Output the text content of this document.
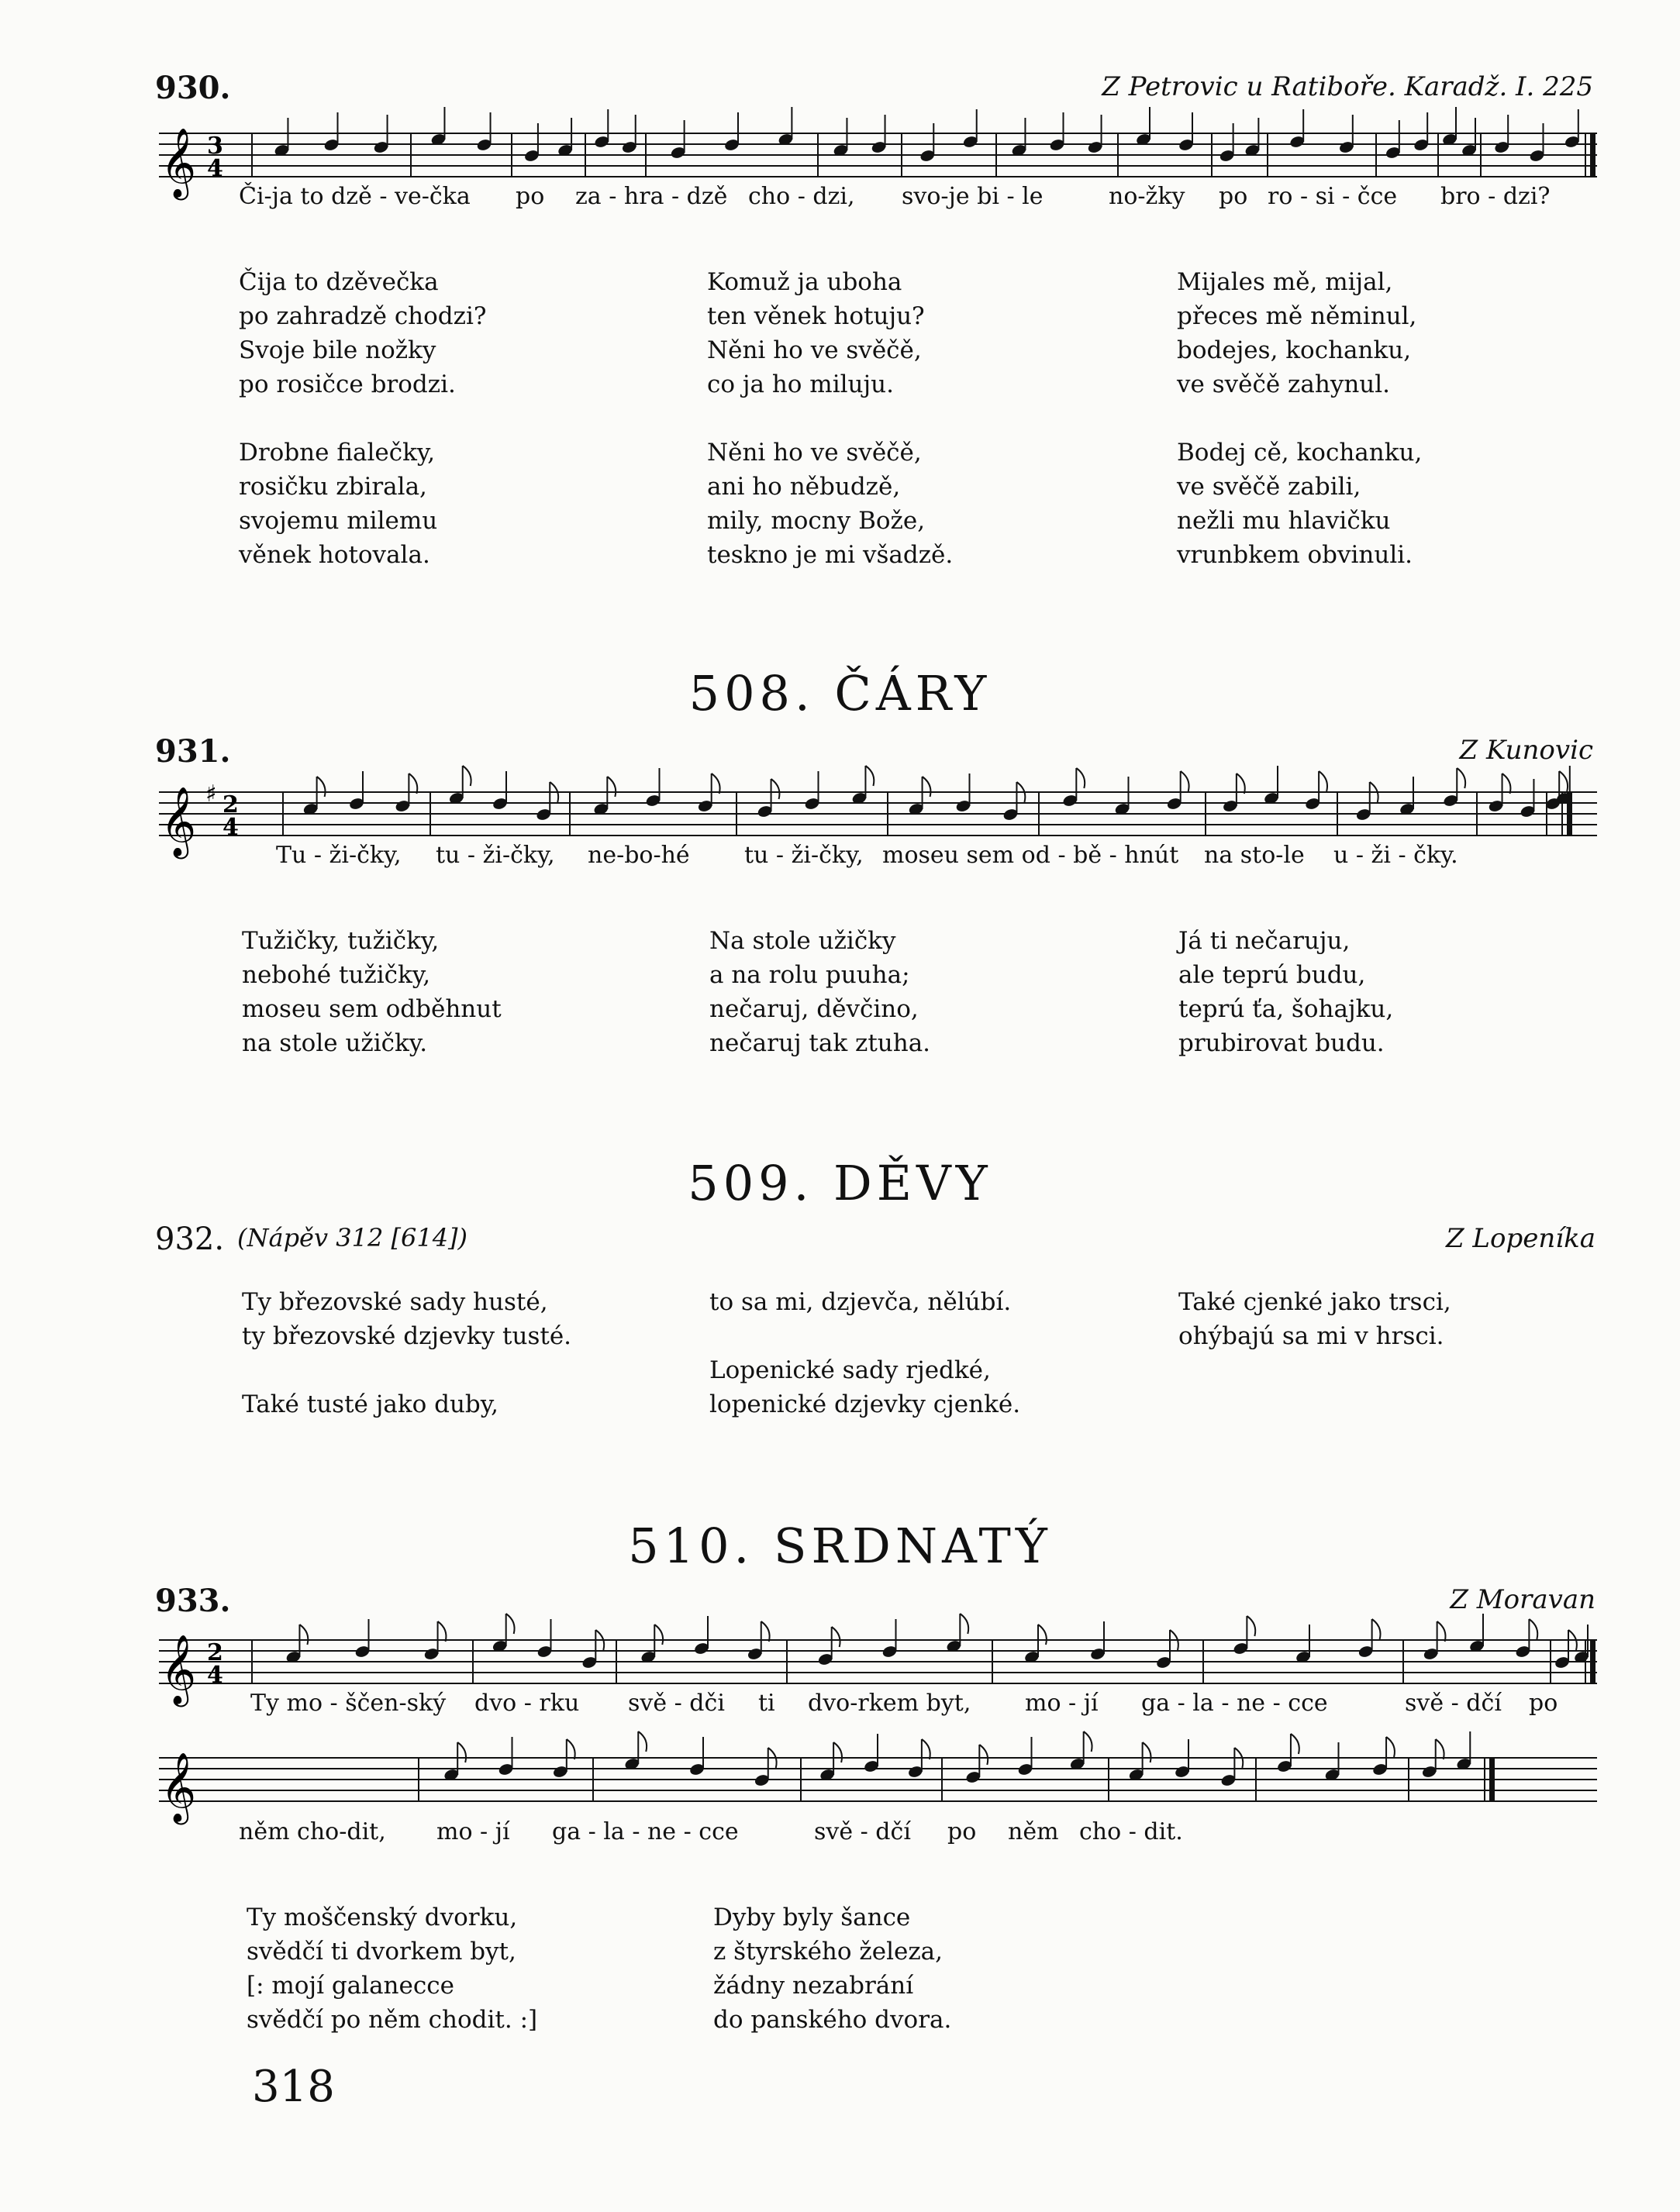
930.	Z Petrovic u Ratiboře. Karadž. I. 225
𝄞 3
4
Či-ja to dzě - ve-čka po za - hra - dzě cho - dzi, svo-je bi - le	no-žky po ro - si - čce bro - dzi?
Čija to dzěvečka
po zahradzě chodzi?
Svoje bile nožky
po rosičce brodzi.

Drobne fialečky,
rosičku zbirala,
svojemu milemu
věnek hotovala.
Komuž ja uboha
ten věnek hotuju?
Něni ho ve svěčě,
co ja ho miluju.

Něni ho ve svěčě,
ani ho něbudzě,
mily, mocny Bože,
teskno je mi všadzě.
Mijales mě, mijal,
přeces mě něminul,
bodejes, kochanku,
ve svěčě zahynul.

Bodej cě, kochanku,
ve svěčě zabili,
nežli mu hlavičku
vrunbkem obvinuli.
508. ČÁRY
931.	Z Kunovic
𝄞 ♯ 2
4
Tu - ži-čky, tu - ži-čky, ne-bo-hé tu - ži-čky, moseu sem od - bě - hnút na sto-le u - ži - čky.
Tužičky, tužičky,
nebohé tužičky,
moseu sem odběhnut
na stole užičky.
Na stole užičky
a na rolu puuha;
nečaruj, děvčino,
nečaruj tak ztuha.
Já ti nečaruju,
ale teprú budu,
teprú ťa, šohajku,
prubirovat budu.
509. DĚVY
932. (Nápěv 312 [614])	Z Lopeníka
Ty březovské sady husté,
ty březovské dzjevky tusté.

Také tusté jako duby,
to sa mi, dzjevča, nělúbí.

Lopenické sady rjedké,
lopenické dzjevky cjenké.
Také cjenké jako trsci,
ohýbajú sa mi v hrsci.
510. SRDNATÝ
933.	Z Moravan
𝄞 2
4
Ty mo - ščen-ský dvo - rku svě - dči ti dvo-rkem byt, mo - jí ga - la - ne - cce	svě - dčí po
𝄞
něm cho-dit, mo - jí ga - la - ne - cce	svě - dčí po něm cho - dit.
Ty moščenský dvorku,
svědčí ti dvorkem byt,
[: mojí galanecce
svědčí po něm chodit. :]
Dyby byly šance
z štyrského železa,
žádny nezabrání
do panského dvora.
318
